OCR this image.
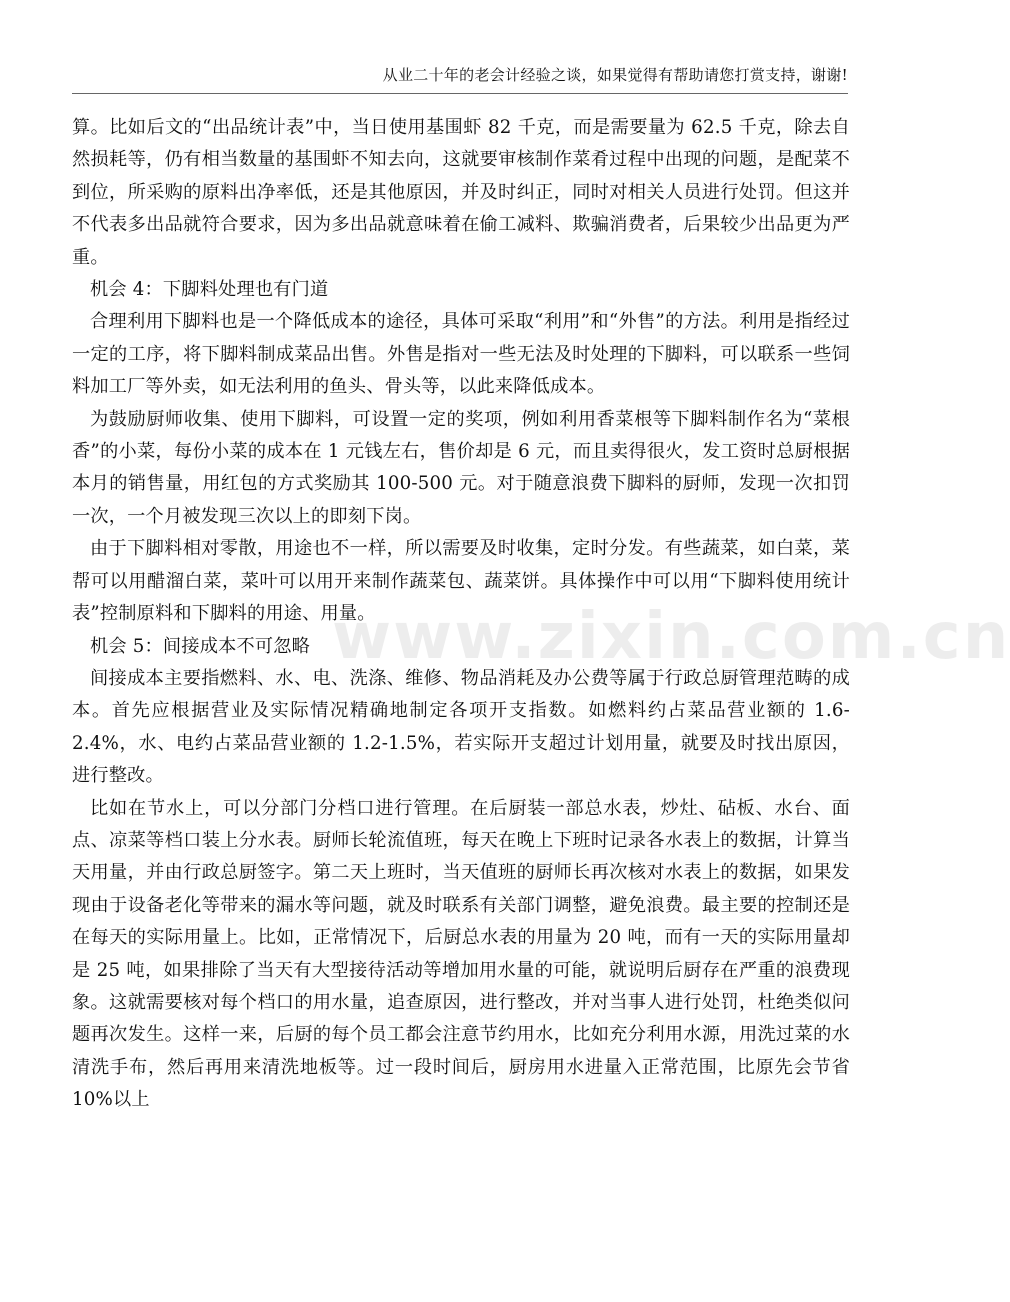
从业二十年的老会计经验之谈，如果觉得有帮助请您打赏支持，谢谢!
www.zixin.com.cn

算。比如后文的“出品统计表”中，当日使用基围虾 82 千克，而是需要量为 62.5 千克，除去自然损耗等，仍有相当数量的基围虾不知去向，这就要审核制作菜肴过程中出现的问题，是配菜不到位，所采购的原料出净率低，还是其他原因，并及时纠正，同时对相关人员进行处罚。但这并不代表多出品就符合要求，因为多出品就意味着在偷工减料、欺骗消费者，后果较少出品更为严重。

机会 4：下脚料处理也有门道

合理利用下脚料也是一个降低成本的途径，具体可采取“利用”和“外售”的方法。利用是指经过一定的工序，将下脚料制成菜品出售。外售是指对一些无法及时处理的下脚料，可以联系一些饲料加工厂等外卖，如无法利用的鱼头、骨头等，以此来降低成本。

为鼓励厨师收集、使用下脚料，可设置一定的奖项，例如利用香菜根等下脚料制作名为“菜根香”的小菜，每份小菜的成本在 1 元钱左右，售价却是 6 元，而且卖得很火，发工资时总厨根据本月的销售量，用红包的方式奖励其 100-500 元。对于随意浪费下脚料的厨师，发现一次扣罚一次，一个月被发现三次以上的即刻下岗。

由于下脚料相对零散，用途也不一样，所以需要及时收集，定时分发。有些蔬菜，如白菜，菜帮可以用醋溜白菜，菜叶可以用开来制作蔬菜包、蔬菜饼。具体操作中可以用“下脚料使用统计表”控制原料和下脚料的用途、用量。

机会 5：间接成本不可忽略

间接成本主要指燃料、水、电、洗涤、维修、物品消耗及办公费等属于行政总厨管理范畴的成本。首先应根据营业及实际情况精确地制定各项开支指数。如燃料约占菜品营业额的 1.6-2.4%，水、电约占菜品营业额的 1.2-1.5%，若实际开支超过计划用量，就要及时找出原因，进行整改。

比如在节水上，可以分部门分档口进行管理。在后厨装一部总水表，炒灶、砧板、水台、面点、凉菜等档口装上分水表。厨师长轮流值班，每天在晚上下班时记录各水表上的数据，计算当天用量，并由行政总厨签字。第二天上班时，当天值班的厨师长再次核对水表上的数据，如果发现由于设备老化等带来的漏水等问题，就及时联系有关部门调整，避免浪费。最主要的控制还是在每天的实际用量上。比如，正常情况下，后厨总水表的用量为 20 吨，而有一天的实际用量却是 25 吨，如果排除了当天有大型接待活动等增加用水量的可能，就说明后厨存在严重的浪费现象。这就需要核对每个档口的用水量，追查原因，进行整改，并对当事人进行处罚，杜绝类似问题再次发生。这样一来，后厨的每个员工都会注意节约用水，比如充分利用水源，用洗过菜的水清洗手布，然后再用来清洗地板等。过一段时间后，厨房用水进量入正常范围，比原先会节省 10%以上
